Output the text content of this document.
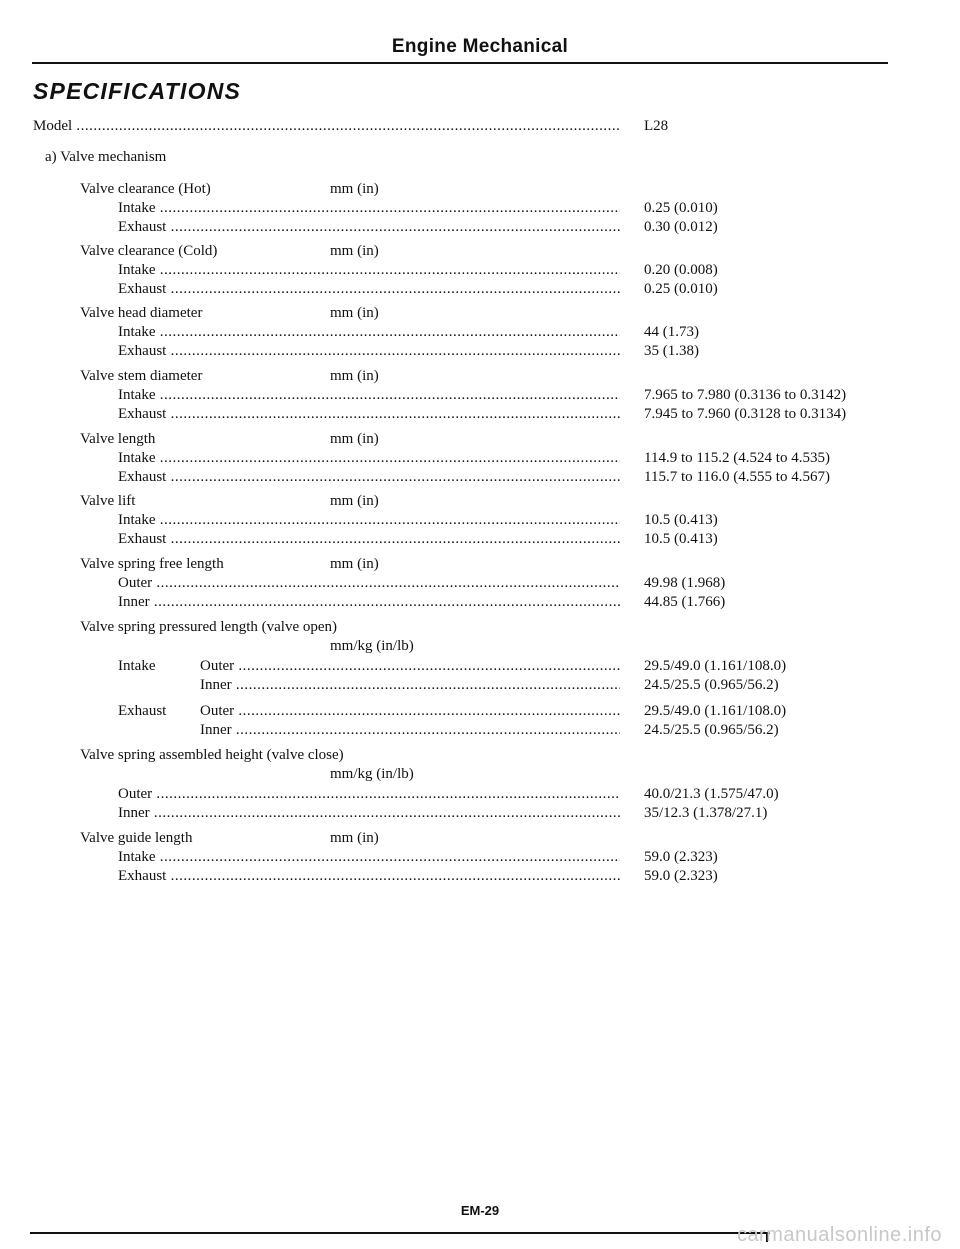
Engine Mechanical
SPECIFICATIONS
Model .....	L28
a) Valve mechanism
Valve clearance (Hot)	mm (in)
Intake .....	0.25 (0.010)
Exhaust .....	0.30 (0.012)
Valve clearance (Cold)	mm (in)
Intake .....	0.20 (0.008)
Exhaust .....	0.25 (0.010)
Valve head diameter	mm (in)
Intake .....	44 (1.73)
Exhaust .....	35 (1.38)
Valve stem diameter	mm (in)
Intake .....	7.965 to 7.980 (0.3136 to 0.3142)
Exhaust .....	7.945 to 7.960 (0.3128 to 0.3134)
Valve length	mm (in)
Intake .....	114.9 to 115.2 (4.524 to 4.535)
Exhaust .....	115.7 to 116.0 (4.555 to 4.567)
Valve lift	mm (in)
Intake .....	10.5 (0.413)
Exhaust .....	10.5 (0.413)
Valve spring free length	mm (in)
Outer .....	49.98 (1.968)
Inner .....	44.85 (1.766)
Valve spring pressured length (valve open)
mm/kg (in/lb)
Intake	Outer .....	29.5/49.0 (1.161/108.0)
Inner .....	24.5/25.5 (0.965/56.2)
Exhaust Outer .....	29.5/49.0 (1.161/108.0)
Inner .....	24.5/25.5 (0.965/56.2)
Valve spring assembled height (valve close)
mm/kg (in/lb)
Outer .....	40.0/21.3 (1.575/47.0)
Inner .....	35/12.3 (1.378/27.1)
Valve guide length	mm (in)
Intake .....	59.0 (2.323)
Exhaust .....	59.0 (2.323)
EM-29
carmanualsonline.info
